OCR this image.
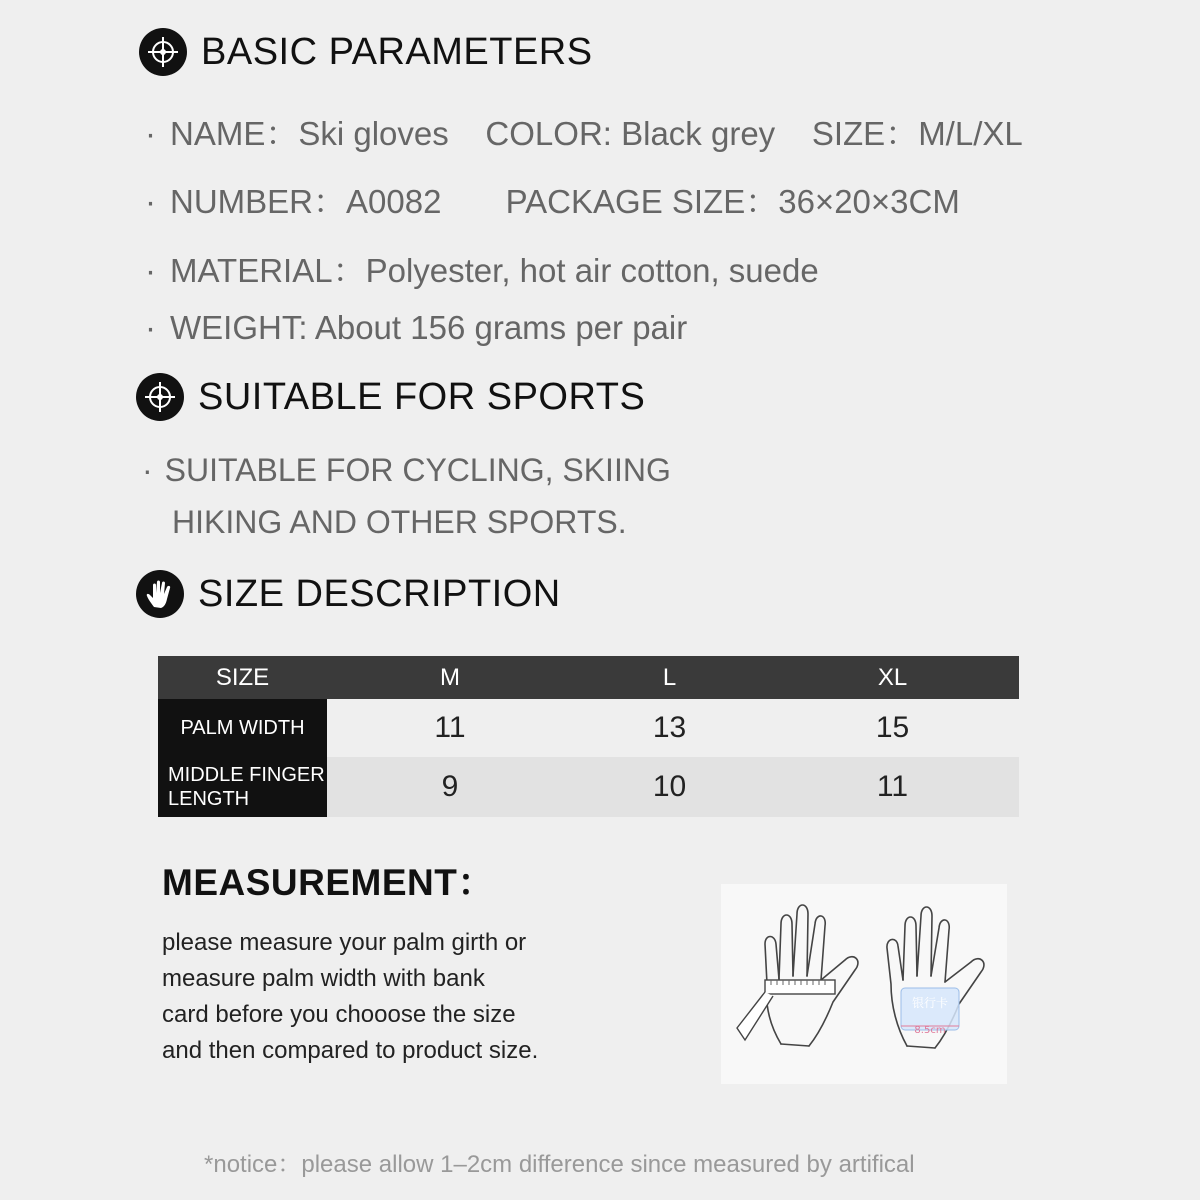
BASIC PARAMETERS
· NAME：Ski gloves    COLOR: Black grey    SIZE：M/L/XL
· NUMBER：A0082       PACKAGE SIZE：36×20×3CM
· MATERIAL：Polyester, hot air cotton, suede
· WEIGHT: About 156 grams per pair
SUITABLE FOR SPORTS
· SUITABLE FOR CYCLING, SKIING
HIKING AND OTHER SPORTS.
SIZE DESCRIPTION
SIZE	M	L	XL

PALM WIDTH	11	13	15

MIDDLE FINGER
LENGTH	9	10	11
MEASUREMENT：
please measure your palm girth or
measure palm width with bank
card before you chooose the size
and then compared to product size.
银行卡
8.5cm
*notice：please allow 1–2cm difference since measured by artifical
